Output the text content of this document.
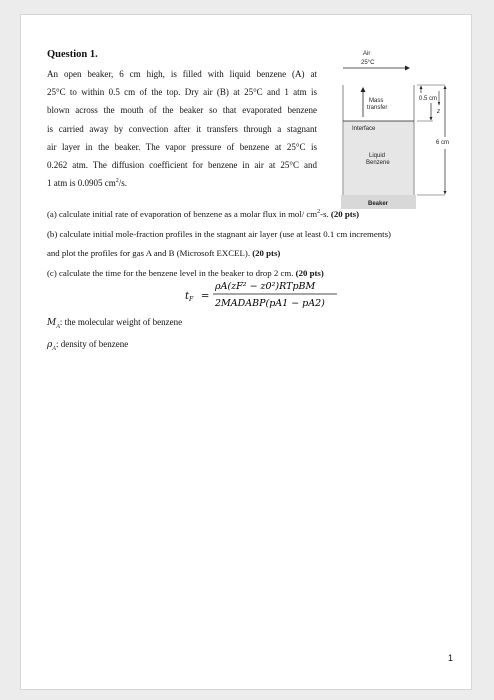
Question 1.
An open beaker, 6 cm high, is filled with liquid benzene (A) at
25°C to within 0.5 cm of the top. Dry air (B) at 25°C and 1 atm is
blown across the mouth of the beaker so that evaporated benzene
is carried away by convection after it transfers through a stagnant
air layer in the beaker. The vapor pressure of benzene at 25°C is
0.262 atm. The diffusion coefficient for benzene in air at 25°C and
1 atm is 0.0905 $cm^2/s$.
Air
25°C
Mass
transfer
Interface
Liquid
Benzene
Beaker
0.5 cm
z
6 cm
(a) calculate initial rate of evaporation of benzene as a molar flux in mol/ $cm^2-s$. (20 pts)
(b) calculate initial mole-fraction profiles in the stagnant air layer (use at least 0.1 cm increments)
and plot the profiles for gas A and B (Microsoft EXCEL). (20 pts)
(c) calculate the time for the benzene level in the beaker to drop 2 cm. (20 pts)
$t_F$ =
ρA(zF² − z0²)RTpBM
2MADABP(pA1 − pA2)
$M_A$: the molecular weight of benzene
$\rho_A$: density of benzene
1
